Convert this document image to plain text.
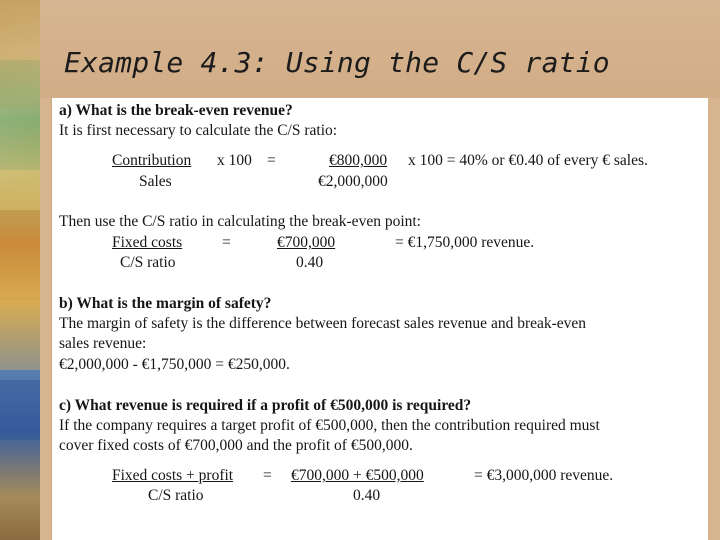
Example 4.3: Using the C/S ratio
a) What is the break-even revenue?
It is first necessary to calculate the C/S ratio:
Contribution x 100 =	€800,000 x 100 = 40% or €0.40 of every € sales.
Sales	€2,000,000
Then use the C/S ratio in calculating the break-even point:
Fixed costs	=	€700,000	= €1,750,000 revenue.
C/S ratio	0.40
b) What is the margin of safety?
The margin of safety is the difference between forecast sales revenue and break-even
sales revenue:
€2,000,000 - €1,750,000 = €250,000.
c) What revenue is required if a profit of €500,000 is required?
If the company requires a target profit of €500,000, then the contribution required must
cover fixed costs of €700,000 and the profit of €500,000.
Fixed costs + profit = €700,000 + €500,000	= €3,000,000 revenue.
C/S ratio	0.40
